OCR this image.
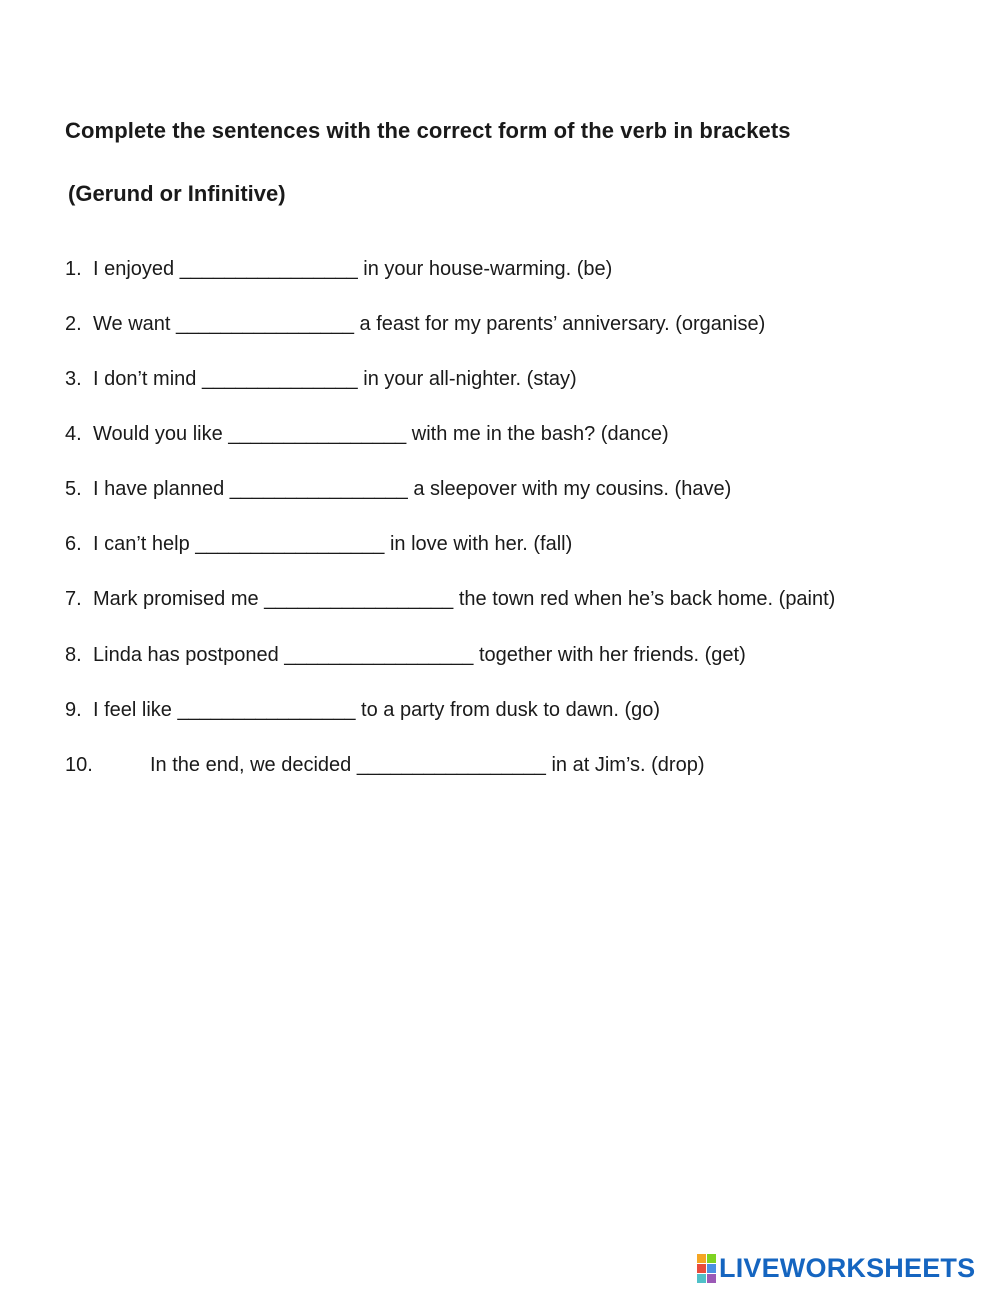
Complete the sentences with the correct form of the verb in brackets
(Gerund or Infinitive)
1. I enjoyed ________________ in your house-warming. (be)
2. We want ________________ a feast for my parents’ anniversary. (organise)
3. I don’t mind ______________ in your all-nighter. (stay)
4. Would you like ________________ with me in the bash? (dance)
5. I have planned ________________ a sleepover with my cousins. (have)
6. I can’t help _________________ in love with her. (fall)
7. Mark promised me _________________ the town red when he’s back home. (paint)
8. Linda has postponed _________________ together with her friends. (get)
9. I feel like ________________ to a party from dusk to dawn. (go)
10.	In the end, we decided _________________ in at Jim’s. (drop)
LIVEWORKSHEETS
